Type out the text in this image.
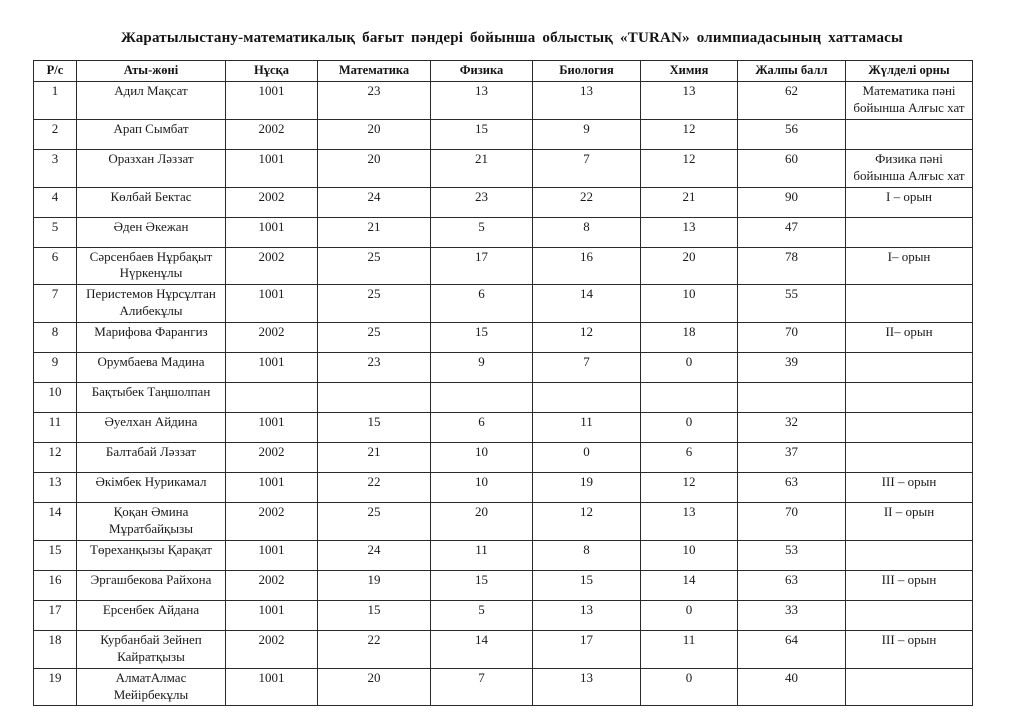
Жаратылыстану-математикалық бағыт пәндері бойынша облыстық «TURAN» олимпиадасының хаттамасы
Р/с	Аты-жөні	Нұсқа	Математика	Физика	Биология	Химия	Жалпы балл	Жүлделі орны
1	Адил Мақсат	1001	23	13	13	13	62	Математика пәні бойынша Алғыс хат
2	Арап Сымбат	2002	20	15	9	12	56	
3	Оразхан Ләззат	1001	20	21	7	12	60	Физика пәні бойынша Алғыс хат
4	Көлбай Бектас	2002	24	23	22	21	90	I – орын
5	Әден Әкежан	1001	21	5	8	13	47	
6	Сәрсенбаев Нұрбақыт Нүркенұлы	2002	25	17	16	20	78	I– орын
7	Перистемов Нұрсұлтан Алибекұлы	1001	25	6	14	10	55	
8	Марифова Фарангиз	2002	25	15	12	18	70	II– орын
9	Орумбаева Мадина	1001	23	9	7	0	39	
10	Бақтыбек Таңшолпан							
11	Әуелхан Айдина	1001	15	6	11	0	32	
12	Балтабай Ләззат	2002	21	10	0	6	37	
13	Әкімбек Нурикамал	1001	22	10	19	12	63	III – орын
14	Қоқан Әмина Мұратбайқызы	2002	25	20	12	13	70	II – орын
15	Төреханқызы Қарақат	1001	24	11	8	10	53	
16	Эргашбекова Райхона	2002	19	15	15	14	63	III – орын
17	Ерсенбек Айдана	1001	15	5	13	0	33	
18	Курбанбай Зейнеп Кайратқызы	2002	22	14	17	11	64	III – орын
19	АлматАлмас Мейірбекұлы	1001	20	7	13	0	40	
